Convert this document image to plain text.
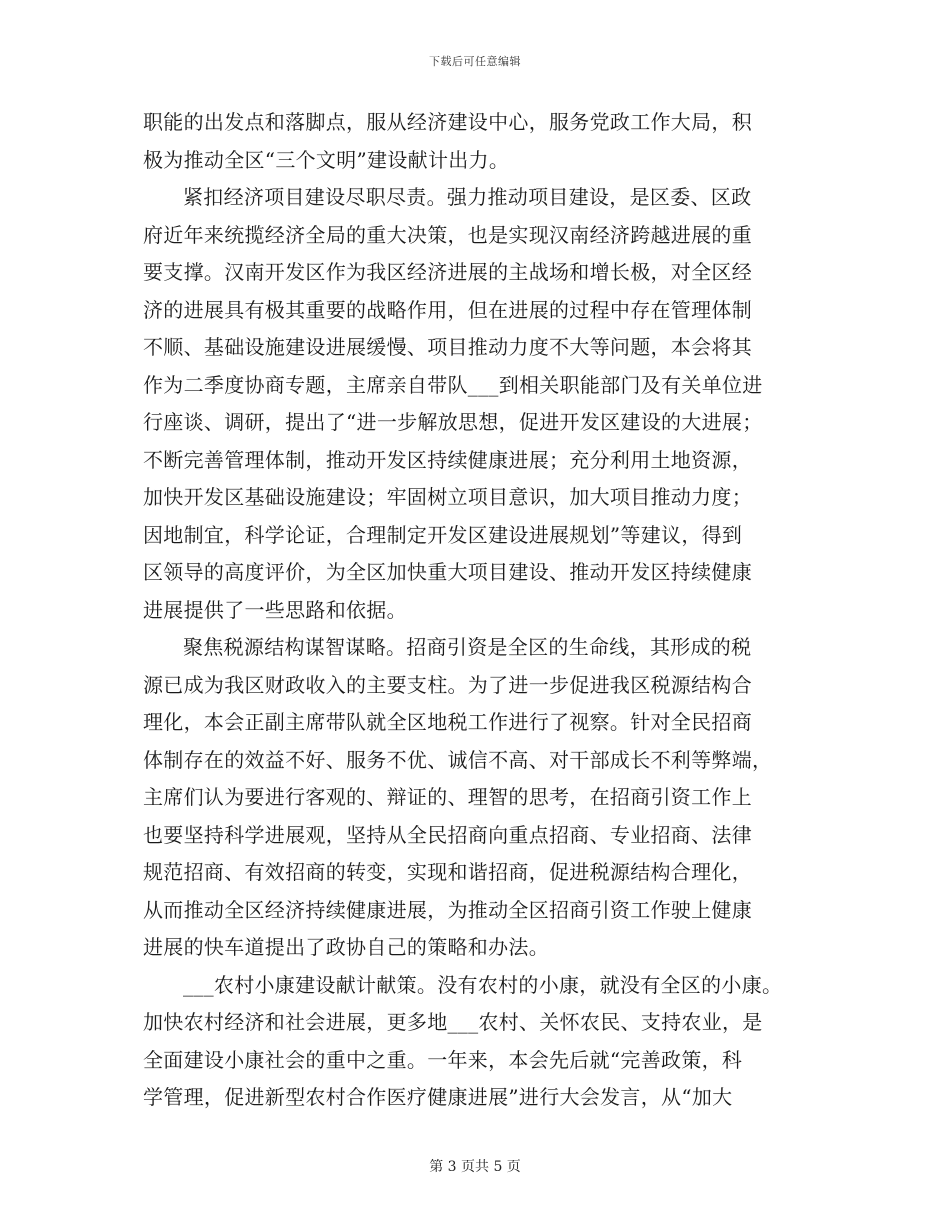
下载后可任意编辑
职能的出发点和落脚点，服从经济建设中心，服务党政工作大局，积
极为推动全区“三个文明”建设献计出力。
紧扣经济项目建设尽职尽责。强力推动项目建设，是区委、区政
府近年来统揽经济全局的重大决策，也是实现汉南经济跨越进展的重
要支撑。汉南开发区作为我区经济进展的主战场和增长极，对全区经
济的进展具有极其重要的战略作用，但在进展的过程中存在管理体制
不顺、基础设施建设进展缓慢、项目推动力度不大等问题，本会将其
作为二季度协商专题，主席亲自带队___到相关职能部门及有关单位进
行座谈、调研，提出了“进一步解放思想，促进开发区建设的大进展；
不断完善管理体制，推动开发区持续健康进展；充分利用土地资源，
加快开发区基础设施建设；牢固树立项目意识，加大项目推动力度；
因地制宜，科学论证，合理制定开发区建设进展规划”等建议，得到
区领导的高度评价，为全区加快重大项目建设、推动开发区持续健康
进展提供了一些思路和依据。
聚焦税源结构谋智谋略。招商引资是全区的生命线，其形成的税
源已成为我区财政收入的主要支柱。为了进一步促进我区税源结构合
理化，本会正副主席带队就全区地税工作进行了视察。针对全民招商
体制存在的效益不好、服务不优、诚信不高、对干部成长不利等弊端，
主席们认为要进行客观的、辩证的、理智的思考，在招商引资工作上
也要坚持科学进展观，坚持从全民招商向重点招商、专业招商、法律
规范招商、有效招商的转变，实现和谐招商，促进税源结构合理化，
从而推动全区经济持续健康进展，为推动全区招商引资工作驶上健康
进展的快车道提出了政协自己的策略和办法。
___农村小康建设献计献策。没有农村的小康，就没有全区的小康。
加快农村经济和社会进展，更多地___农村、关怀农民、支持农业，是
全面建设小康社会的重中之重。一年来，本会先后就“完善政策，科
学管理，促进新型农村合作医疗健康进展”进行大会发言，从“加大
第 3 页共 5 页
